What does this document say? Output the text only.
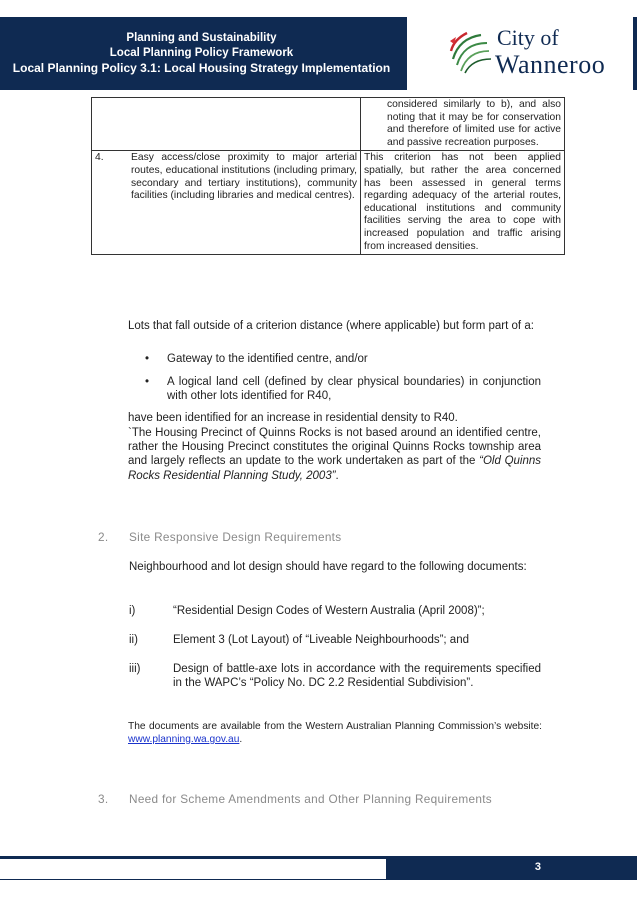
Planning and Sustainability
Local Planning Policy Framework
Local Planning Policy 3.1: Local Housing Strategy Implementation
City of
Wanneroo
		considered similarly to b), and also noting that it may be for conservation and therefore of limited use for active and passive recreation purposes.
4.	Easy access/close proximity to major arterial routes, educational institutions (including primary, secondary and tertiary institutions), community facilities (including libraries and medical centres).	This criterion has not been applied spatially, but rather the area concerned has been assessed in general terms regarding adequacy of the arterial routes, educational institutions and community facilities serving the area to cope with increased population and traffic arising from increased densities.
Lots that fall outside of a criterion distance (where applicable) but form part of a:
• Gateway to the identified centre, and/or
• A logical land cell (defined by clear physical boundaries) in conjunction with other lots identified for R40,
have been identified for an increase in residential density to R40.
`The Housing Precinct of Quinns Rocks is not based around an identified centre, rather the Housing Precinct constitutes the original Quinns Rocks township area and largely reflects an update to the work undertaken as part of the “Old Quinns Rocks Residential Planning Study, 2003”.
2. Site Responsive Design Requirements
Neighbourhood and lot design should have regard to the following documents:
i)	“Residential Design Codes of Western Australia (April 2008)”;
ii)	Element 3 (Lot Layout) of “Liveable Neighbourhoods”; and
iii)	Design of battle-axe lots in accordance with the requirements specified in the WAPC’s “Policy No. DC 2.2 Residential Subdivision”.
The documents are available from the Western Australian Planning Commission’s website: www.planning.wa.gov.au.
3. Need for Scheme Amendments and Other Planning Requirements
3
